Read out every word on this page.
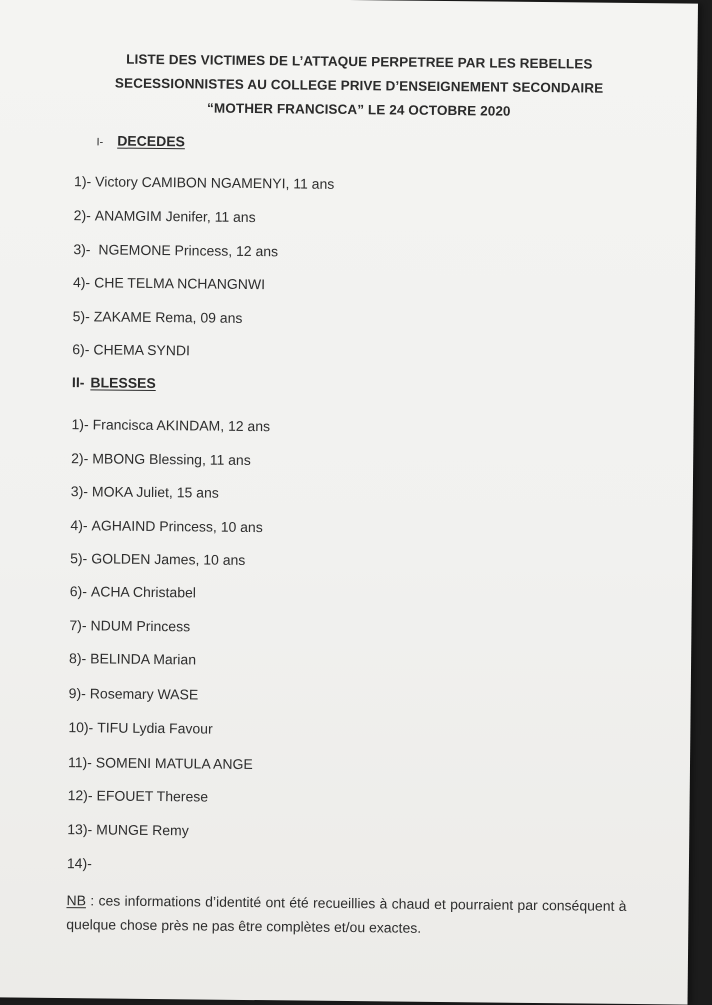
LISTE DES VICTIMES DE L’ATTAQUE PERPETREE PAR LES REBELLES
SECESSIONNISTES AU COLLEGE PRIVE D’ENSEIGNEMENT SECONDAIRE
“MOTHER FRANCISCA” LE 24 OCTOBRE 2020
I- DECEDES
1)- Victory CAMIBON NGAMENYI, 11 ans
2)- ANAMGIM Jenifer, 11 ans
3)- NGEMONE Princess, 12 ans
4)- CHE TELMA NCHANGNWI
5)- ZAKAME Rema, 09 ans
6)- CHEMA SYNDI
II- BLESSES
1)- Francisca AKINDAM, 12 ans
2)- MBONG Blessing, 11 ans
3)- MOKA Juliet, 15 ans
4)- AGHAIND Princess, 10 ans
5)- GOLDEN James, 10 ans
6)- ACHA Christabel
7)- NDUM Princess
8)- BELINDA Marian
9)- Rosemary WASE
10)- TIFU Lydia Favour
11)- SOMENI MATULA ANGE
12)- EFOUET Therese
13)- MUNGE Remy
14)-
NB : ces informations d’identité ont été recueillies à chaud et pourraient par conséquent à quelque chose près ne pas être complètes et/ou exactes.
